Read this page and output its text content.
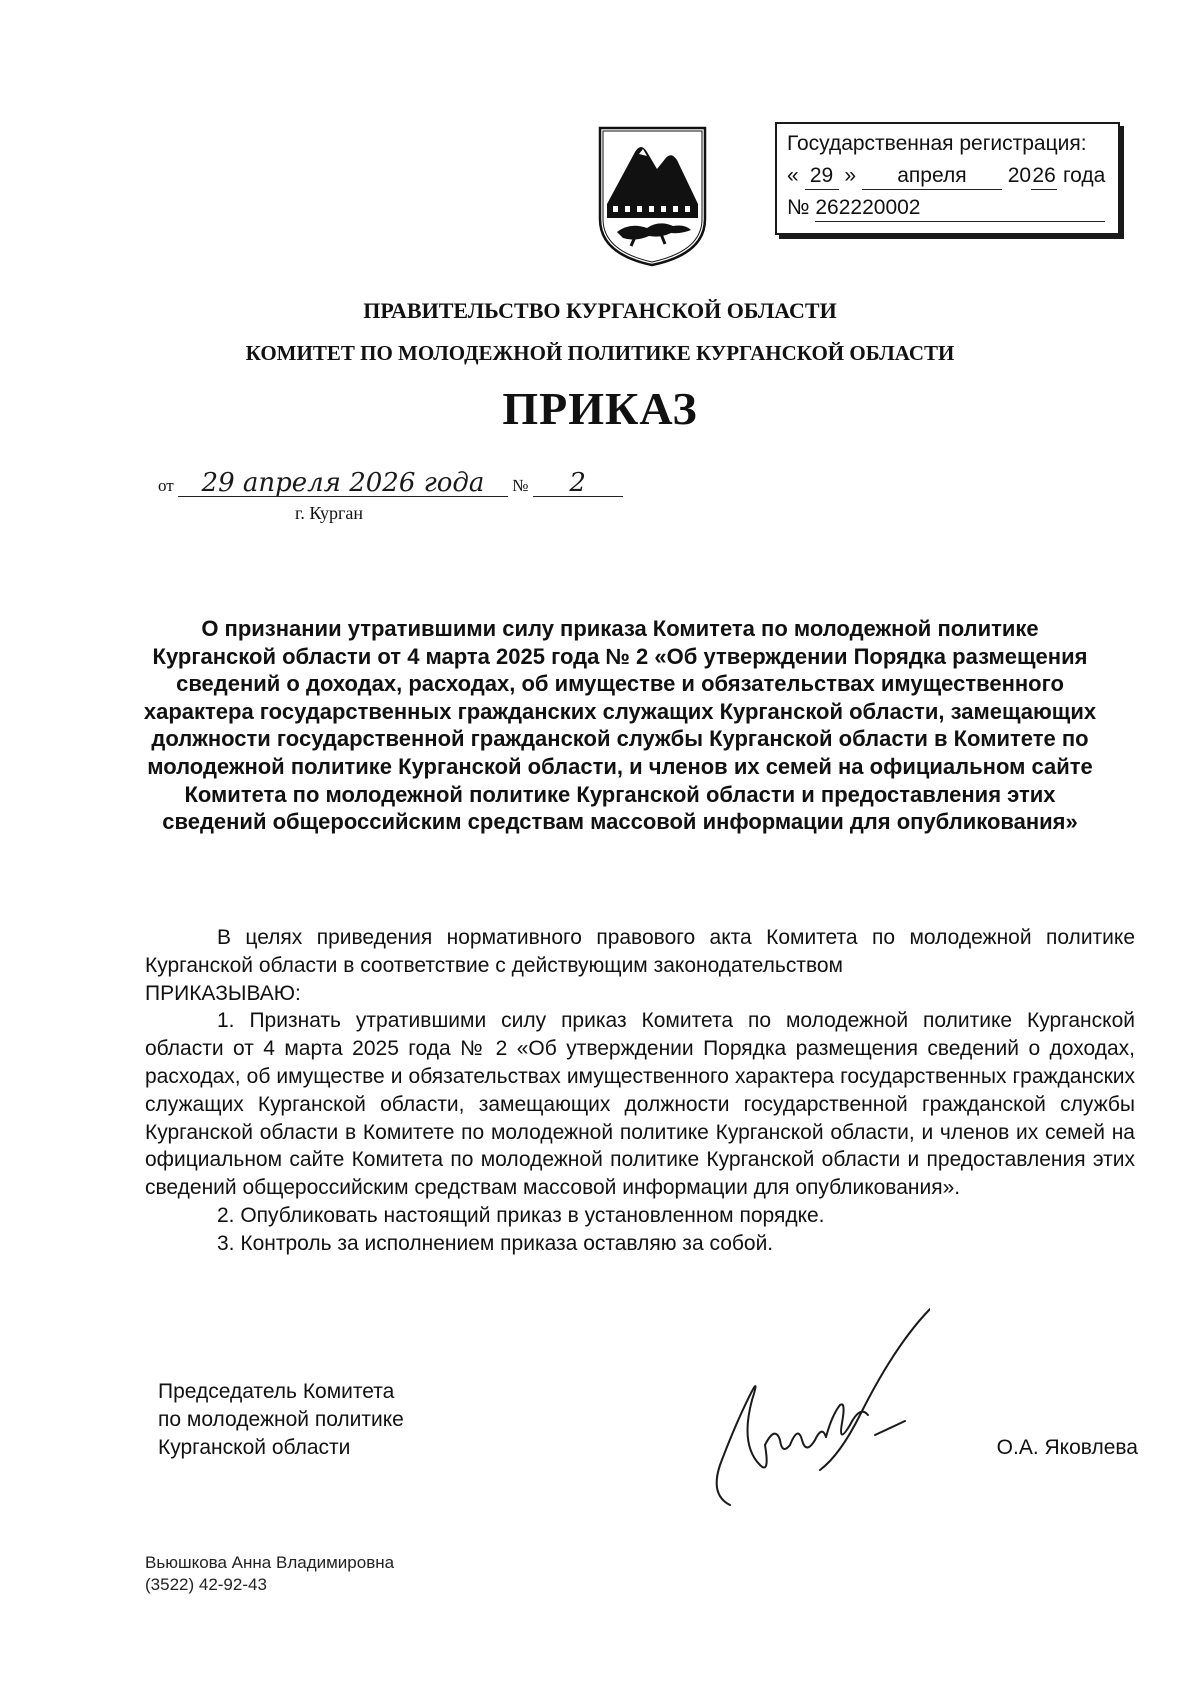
Государственная регистрация:
« 29 » апреля 2026 года
№ 262220002
ПРАВИТЕЛЬСТВО КУРГАНСКОЙ ОБЛАСТИ
КОМИТЕТ ПО МОЛОДЕЖНОЙ ПОЛИТИКЕ КУРГАНСКОЙ ОБЛАСТИ
ПРИКАЗ
от 29 апреля 2026 года № 2
г. Курган
О признании утратившими силу приказа Комитета по молодежной политике Курганской области от 4 марта 2025 года № 2 «Об утверждении Порядка размещения сведений о доходах, расходах, об имуществе и обязательствах имущественного характера государственных гражданских служащих Курганской области, замещающих должности государственной гражданской службы Курганской области в Комитете по молодежной политике Курганской области, и членов их семей на официальном сайте Комитета по молодежной политике Курганской области и предоставления этих сведений общероссийским средствам массовой информации для опубликования»

В целях приведения нормативного правового акта Комитета по молодежной политике Курганской области в соответствие с действующим законодательством

ПРИКАЗЫВАЮ:

1. Признать утратившими силу приказ Комитета по молодежной политике Курганской области от 4 марта 2025 года № 2 «Об утверждении Порядка размещения сведений о доходах, расходах, об имуществе и обязательствах имущественного характера государственных гражданских служащих Курганской области, замещающих должности государственной гражданской службы Курганской области в Комитете по молодежной политике Курганской области, и членов их семей на официальном сайте Комитета по молодежной политике Курганской области и предоставления этих сведений общероссийским средствам массовой информации для опубликования».

2. Опубликовать настоящий приказ в установленном порядке.

3. Контроль за исполнением приказа оставляю за собой.

Председатель Комитета
по молодежной политике
Курганской области	О.А. Яковлева
Вьюшкова Анна Владимировна
(3522) 42-92-43
